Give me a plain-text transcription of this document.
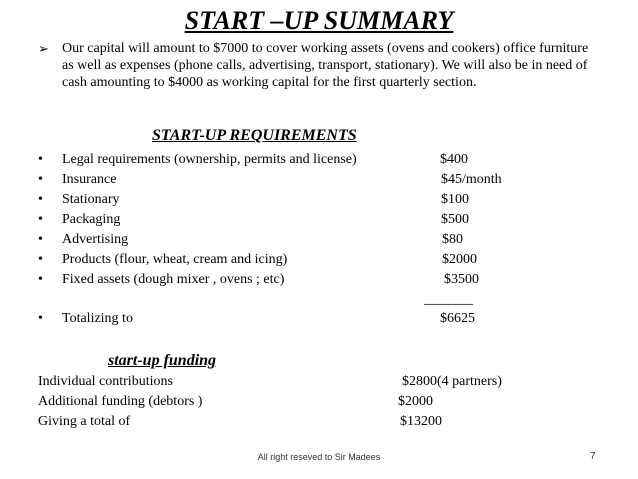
START –UP SUMMARY
➢ Our capital will amount to $7000 to cover working assets (ovens and cookers) office furniture as well as expenses (phone calls, advertising, transport, stationary). We will also be in need of cash amounting to $4000 as working capital for the first quarterly section.
START-UP REQUIREMENTS
• Legal requirements (ownership, permits and license)	$400
• Insurance	$45/month
• Stationary	$100
• Packaging	$500
• Advertising	$80
• Products (flour, wheat, cream and icing)	$2000
• Fixed assets (dough mixer , ovens ; etc)	$3500
________
• Totalizing to	$6625
start-up funding
Individual contributions	$2800(4 partners)
Additional funding (debtors )	$2000
Giving a total of	$13200
All right reseved to Sir Madees	7
